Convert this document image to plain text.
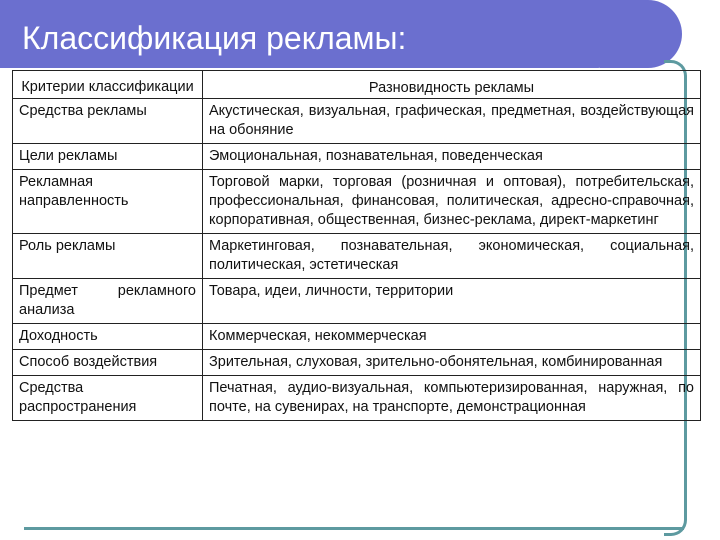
Классификация рекламы:
Критерии классификации	Разновидность рекламы
Средства рекламы	Акустическая, визуальная, графическая, предметная, воздействующая на обоняние
Цели рекламы	Эмоциональная, познавательная, поведенческая
Рекламная направленность	Торговой марки, торговая (розничная и оптовая), потребительская, профессиональная, финансовая, политическая, адресно-справочная, корпоративная, общественная, бизнес-реклама, директ-маркетинг
Роль рекламы	Маркетинговая, познавательная, экономическая, социальная, политическая, эстетическая
Предмет рекламного анализа	Товара, идеи, личности, территории
Доходность	Коммерческая, некоммерческая
Способ воздействия	Зрительная, слуховая, зрительно-обонятельная, комбинированная
Средства распространения	Печатная, аудио-визуальная, компьютеризированная, наружная, по почте, на сувенирах, на транспорте, демонстрационная
